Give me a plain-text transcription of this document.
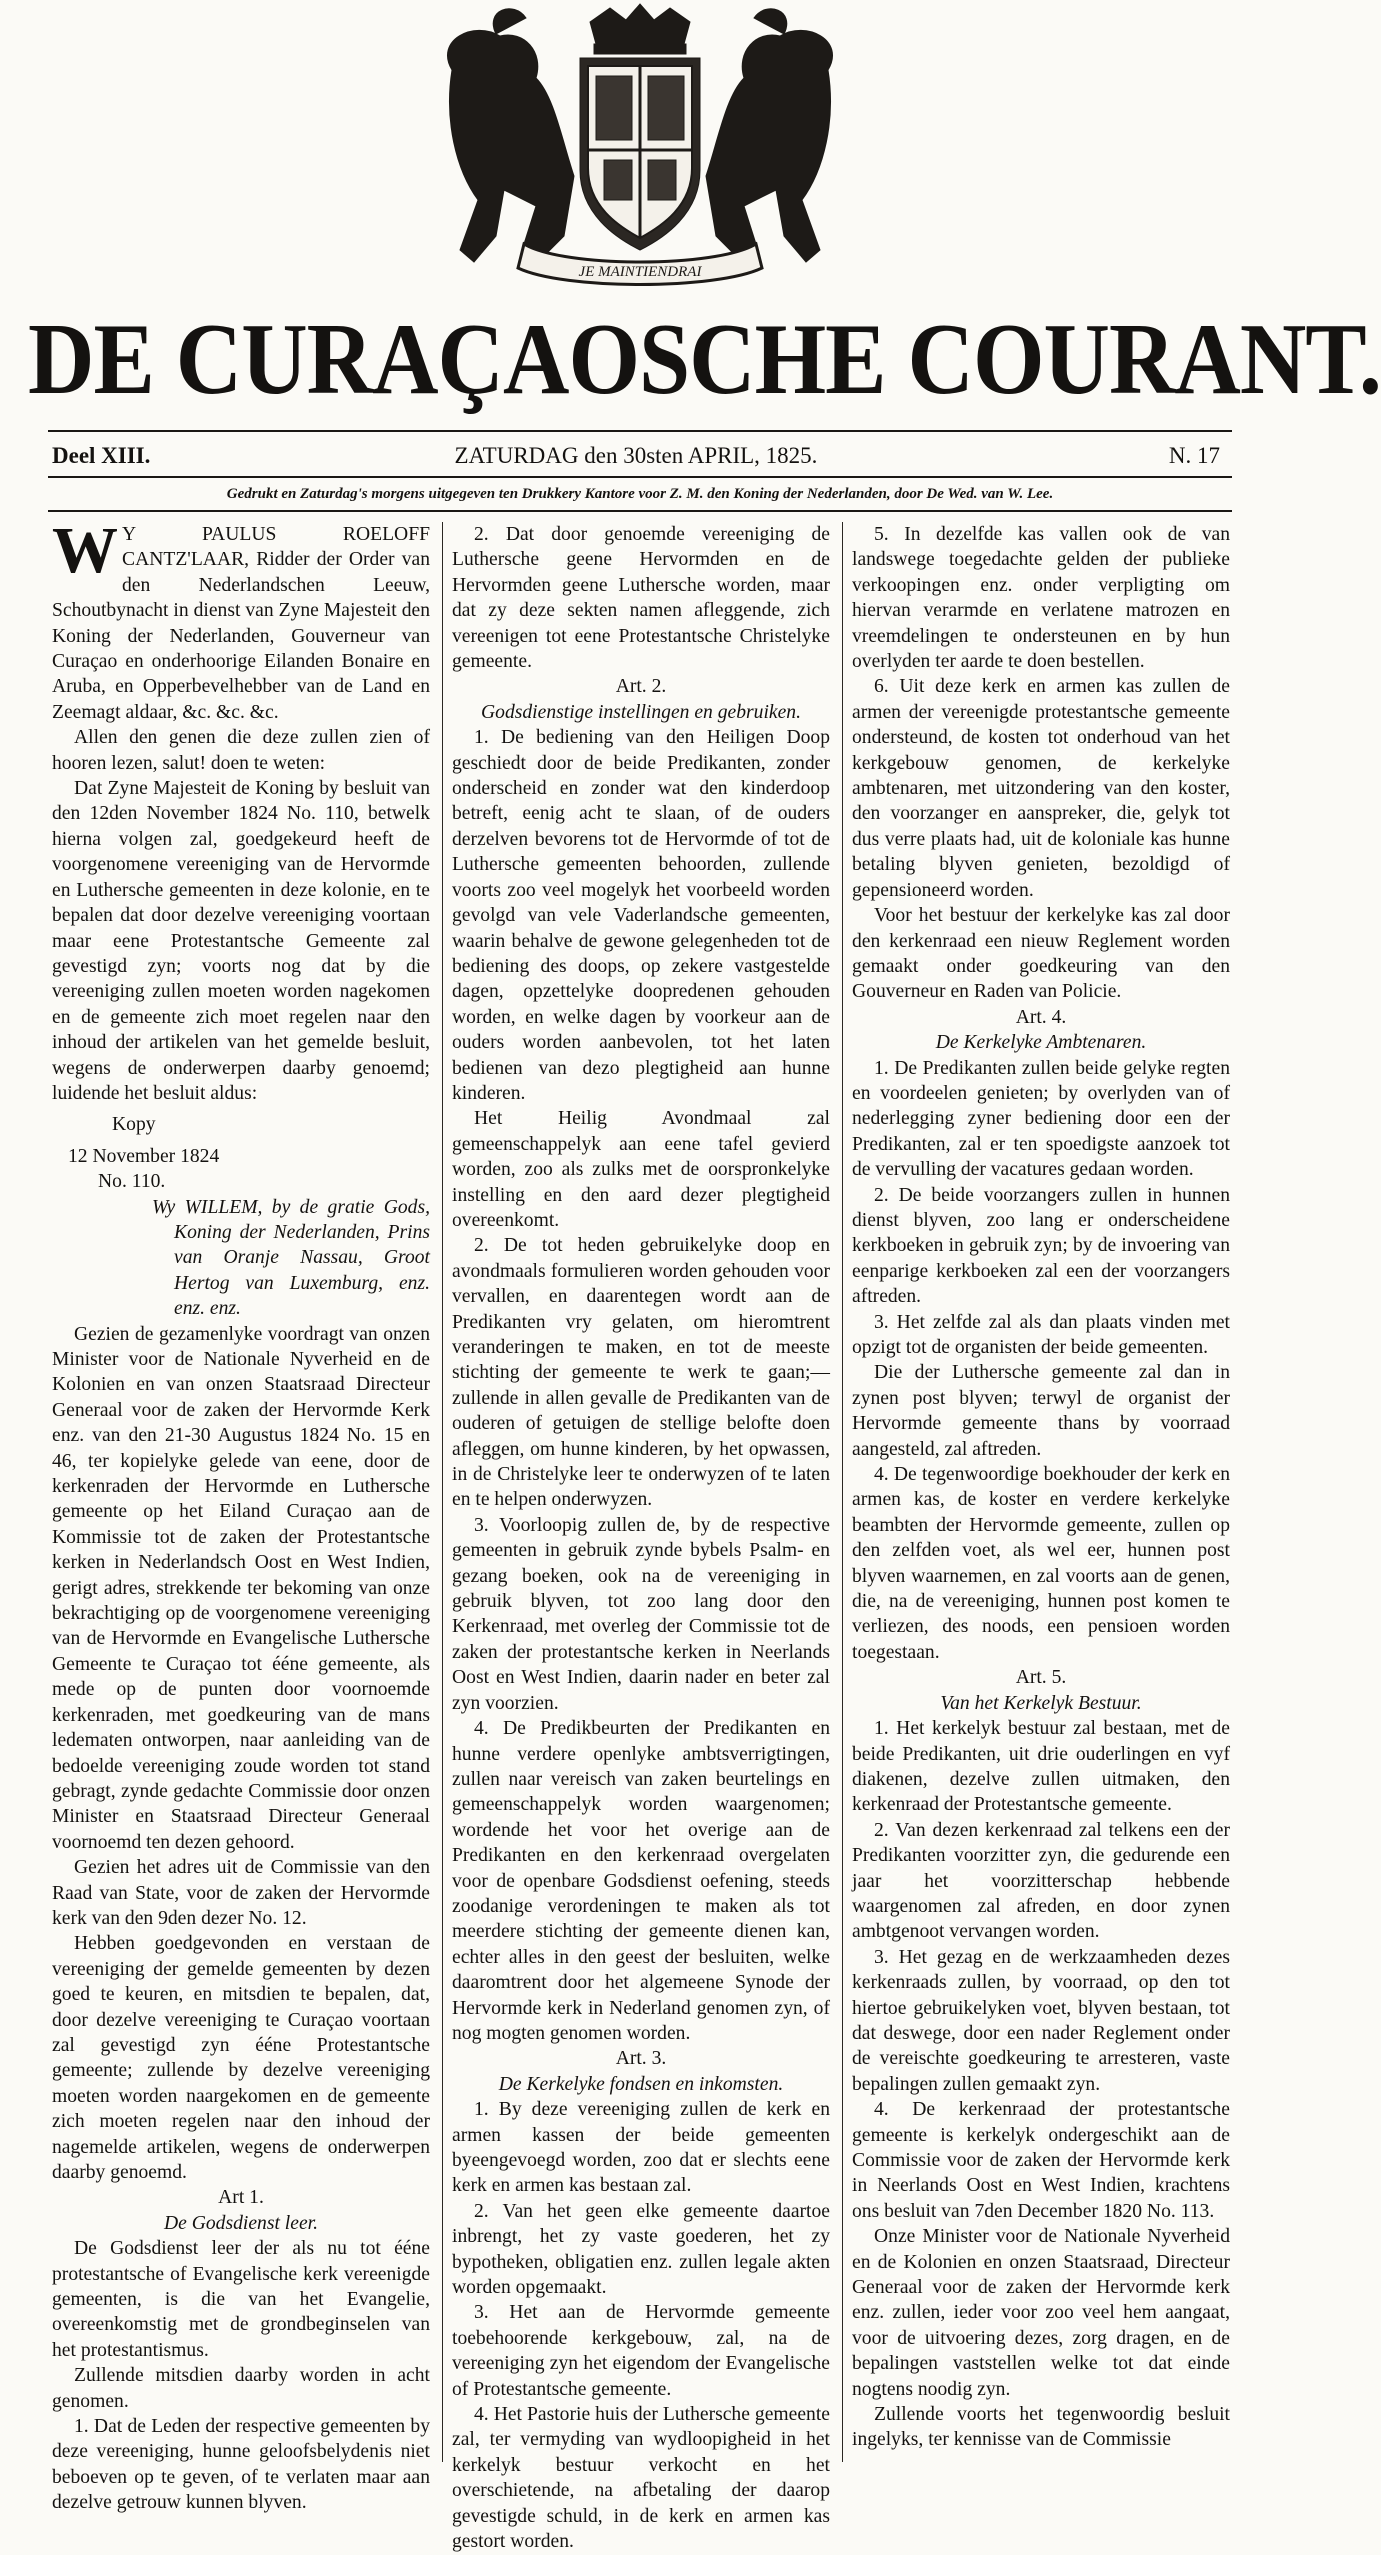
JE MAINTIENDRAI
DE CURAÇAOSCHE COURANT.
Deel XIII.	ZATURDAG den 30sten APRIL, 1825.	N. 17
Gedrukt en Zaturdag's morgens uitgegeven ten Drukkery Kantore voor Z. M. den Koning der Nederlanden, door De Wed. van W. Lee.

W Y PAULUS ROELOFF CANTZ'LAAR, Ridder der Order van den Nederlandschen Leeuw, Schoutbynacht in dienst van Zyne Majesteit den Koning der Nederlanden, Gouverneur van Curaçao en onderhoorige Eilanden Bonaire en Aruba, en Opperbevelhebber van de Land en Zeemagt aldaar, &c. &c. &c.

Allen den genen die deze zullen zien of hooren lezen, salut! doen te weten:

Dat Zyne Majesteit de Koning by besluit van den 12den November 1824 No. 110, betwelk hierna volgen zal, goedgekeurd heeft de voorgenomene vereeniging van de Hervormde en Luthersche gemeenten in deze kolonie, en te bepalen dat door dezelve vereeniging voortaan maar eene Protestantsche Gemeente zal gevestigd zyn; voorts nog dat by die vereeniging zullen moeten worden nagekomen en de gemeente zich moet regelen naar den inhoud der artikelen van het gemelde besluit, wegens de onderwerpen daarby genoemd; luidende het besluit aldus:

Kopy

12 November 1824

No. 110.

Wy WILLEM, by de gratie Gods, Koning der Nederlanden, Prins van Oranje Nassau, Groot Hertog van Luxemburg, enz. enz. enz.

Gezien de gezamenlyke voordragt van onzen Minister voor de Nationale Nyverheid en de Kolonien en van onzen Staatsraad Directeur Generaal voor de zaken der Hervormde Kerk enz. van den 21-30 Augustus 1824 No. 15 en 46, ter kopielyke gelede van eene, door de kerkenraden der Hervormde en Luthersche gemeente op het Eiland Curaçao aan de Kommissie tot de zaken der Protestantsche kerken in Nederlandsch Oost en West Indien, gerigt adres, strekkende ter bekoming van onze bekrachtiging op de voorgenomene vereeniging van de Hervormde en Evangelische Luthersche Gemeente te Curaçao tot ééne gemeente, als mede op de punten door voornoemde kerkenraden, met goedkeuring van de mans ledematen ontworpen, naar aanleiding van de bedoelde vereeniging zoude worden tot stand gebragt, zynde gedachte Commissie door onzen Minister en Staatsraad Directeur Generaal voornoemd ten dezen gehoord.

Gezien het adres uit de Commissie van den Raad van State, voor de zaken der Hervormde kerk van den 9den dezer No. 12.

Hebben goedgevonden en verstaan de vereeniging der gemelde gemeenten by dezen goed te keuren, en mitsdien te bepalen, dat, door dezelve vereeniging te Curaçao voortaan zal gevestigd zyn ééne Protestantsche gemeente; zullende by dezelve vereeniging moeten worden naargekomen en de gemeente zich moeten regelen naar den inhoud der nagemelde artikelen, wegens de onderwerpen daarby genoemd.

Art 1.

De Godsdienst leer.

De Godsdienst leer der als nu tot ééne protestantsche of Evangelische kerk vereenigde gemeenten, is die van het Evangelie, overeenkomstig met de grondbeginselen van het protestantismus.

Zullende mitsdien daarby worden in acht genomen.

1. Dat de Leden der respective gemeenten by deze vereeniging, hunne geloofsbelydenis niet beboeven op te geven, of te verlaten maar aan dezelve getrouw kunnen blyven.

2. Dat door genoemde vereeniging de Luthersche geene Hervormden en de Hervormden geene Luthersche worden, maar dat zy deze sekten namen afleggende, zich vereenigen tot eene Protestantsche Christelyke gemeente.

Art. 2.

Godsdienstige instellingen en gebruiken.

1. De bediening van den Heiligen Doop geschiedt door de beide Predikanten, zonder onderscheid en zonder wat den kinderdoop betreft, eenig acht te slaan, of de ouders derzelven bevorens tot de Hervormde of tot de Luthersche gemeenten behoorden, zullende voorts zoo veel mogelyk het voorbeeld worden gevolgd van vele Vaderlandsche gemeenten, waarin behalve de gewone gelegenheden tot de bediening des doops, op zekere vastgestelde dagen, opzettelyke doopredenen gehouden worden, en welke dagen by voorkeur aan de ouders worden aanbevolen, tot het laten bedienen van dezo plegtigheid aan hunne kinderen.

Het Heilig Avondmaal zal gemeenschappelyk aan eene tafel gevierd worden, zoo als zulks met de oorspronkelyke instelling en den aard dezer plegtigheid overeenkomt.

2. De tot heden gebruikelyke doop en avondmaals formulieren worden gehouden voor vervallen, en daarentegen wordt aan de Predikanten vry gelaten, om hieromtrent veranderingen te maken, en tot de meeste stichting der gemeente te werk te gaan;—zullende in allen gevalle de Predikanten van de ouderen of getuigen de stellige belofte doen afleggen, om hunne kinderen, by het opwassen, in de Christelyke leer te onderwyzen of te laten en te helpen onderwyzen.

3. Voorloopig zullen de, by de respective gemeenten in gebruik zynde bybels Psalm- en gezang boeken, ook na de vereeniging in gebruik blyven, tot zoo lang door den Kerkenraad, met overleg der Commissie tot de zaken der protestantsche kerken in Neerlands Oost en West Indien, daarin nader en beter zal zyn voorzien.

4. De Predikbeurten der Predikanten en hunne verdere openlyke ambtsverrigtingen, zullen naar vereisch van zaken beurtelings en gemeenschappelyk worden waargenomen; wordende het voor het overige aan de Predikanten en den kerkenraad overgelaten voor de openbare Godsdienst oefening, steeds zoodanige verordeningen te maken als tot meerdere stichting der gemeente dienen kan, echter alles in den geest der besluiten, welke daaromtrent door het algemeene Synode der Hervormde kerk in Nederland genomen zyn, of nog mogten genomen worden.

Art. 3.

De Kerkelyke fondsen en inkomsten.

1. By deze vereeniging zullen de kerk en armen kassen der beide gemeenten byeengevoegd worden, zoo dat er slechts eene kerk en armen kas bestaan zal.

2. Van het geen elke gemeente daartoe inbrengt, het zy vaste goederen, het zy bypotheken, obligatien enz. zullen legale akten worden opgemaakt.

3. Het aan de Hervormde gemeente toebehoorende kerkgebouw, zal, na de vereeniging zyn het eigendom der Evangelische of Protestantsche gemeente.

4. Het Pastorie huis der Luthersche gemeente zal, ter vermyding van wydloopigheid in het kerkelyk bestuur verkocht en het overschietende, na afbetaling der daarop gevestigde schuld, in de kerk en armen kas gestort worden.

5. In dezelfde kas vallen ook de van landswege toegedachte gelden der publieke verkoopingen enz. onder verpligting om hiervan verarmde en verlatene matrozen en vreemdelingen te ondersteunen en by hun overlyden ter aarde te doen bestellen.

6. Uit deze kerk en armen kas zullen de armen der vereenigde protestantsche gemeente ondersteund, de kosten tot onderhoud van het kerkgebouw genomen, de kerkelyke ambtenaren, met uitzondering van den koster, den voorzanger en aanspreker, die, gelyk tot dus verre plaats had, uit de koloniale kas hunne betaling blyven genieten, bezoldigd of gepensioneerd worden.

Voor het bestuur der kerkelyke kas zal door den kerkenraad een nieuw Reglement worden gemaakt onder goedkeuring van den Gouverneur en Raden van Policie.

Art. 4.

De Kerkelyke Ambtenaren.

1. De Predikanten zullen beide gelyke regten en voordeelen genieten; by overlyden van of nederlegging zyner bediening door een der Predikanten, zal er ten spoedigste aanzoek tot de vervulling der vacatures gedaan worden.

2. De beide voorzangers zullen in hunnen dienst blyven, zoo lang er onderscheidene kerkboeken in gebruik zyn; by de invoering van eenparige kerkboeken zal een der voorzangers aftreden.

3. Het zelfde zal als dan plaats vinden met opzigt tot de organisten der beide gemeenten.

Die der Luthersche gemeente zal dan in zynen post blyven; terwyl de organist der Hervormde gemeente thans by voorraad aangesteld, zal aftreden.

4. De tegenwoordige boekhouder der kerk en armen kas, de koster en verdere kerkelyke beambten der Hervormde gemeente, zullen op den zelfden voet, als wel eer, hunnen post blyven waarnemen, en zal voorts aan de genen, die, na de vereeniging, hunnen post komen te verliezen, des noods, een pensioen worden toegestaan.

Art. 5.

Van het Kerkelyk Bestuur.

1. Het kerkelyk bestuur zal bestaan, met de beide Predikanten, uit drie ouderlingen en vyf diakenen, dezelve zullen uitmaken, den kerkenraad der Protestantsche gemeente.

2. Van dezen kerkenraad zal telkens een der Predikanten voorzitter zyn, die gedurende een jaar het voorzitterschap hebbende waargenomen zal afreden, en door zynen ambtgenoot vervangen worden.

3. Het gezag en de werkzaamheden dezes kerkenraads zullen, by voorraad, op den tot hiertoe gebruikelyken voet, blyven bestaan, tot dat deswege, door een nader Reglement onder de vereischte goedkeuring te arresteren, vaste bepalingen zullen gemaakt zyn.

4. De kerkenraad der protestantsche gemeente is kerkelyk ondergeschikt aan de Commissie voor de zaken der Hervormde kerk in Neerlands Oost en West Indien, krachtens ons besluit van 7den December 1820 No. 113.

Onze Minister voor de Nationale Nyverheid en de Kolonien en onzen Staatsraad, Directeur Generaal voor de zaken der Hervormde kerk enz. zullen, ieder voor zoo veel hem aangaat, voor de uitvoering dezes, zorg dragen, en de bepalingen vaststellen welke tot dat einde nogtens noodig zyn.

Zullende voorts het tegenwoordig besluit ingelyks, ter kennisse van de Commissie
